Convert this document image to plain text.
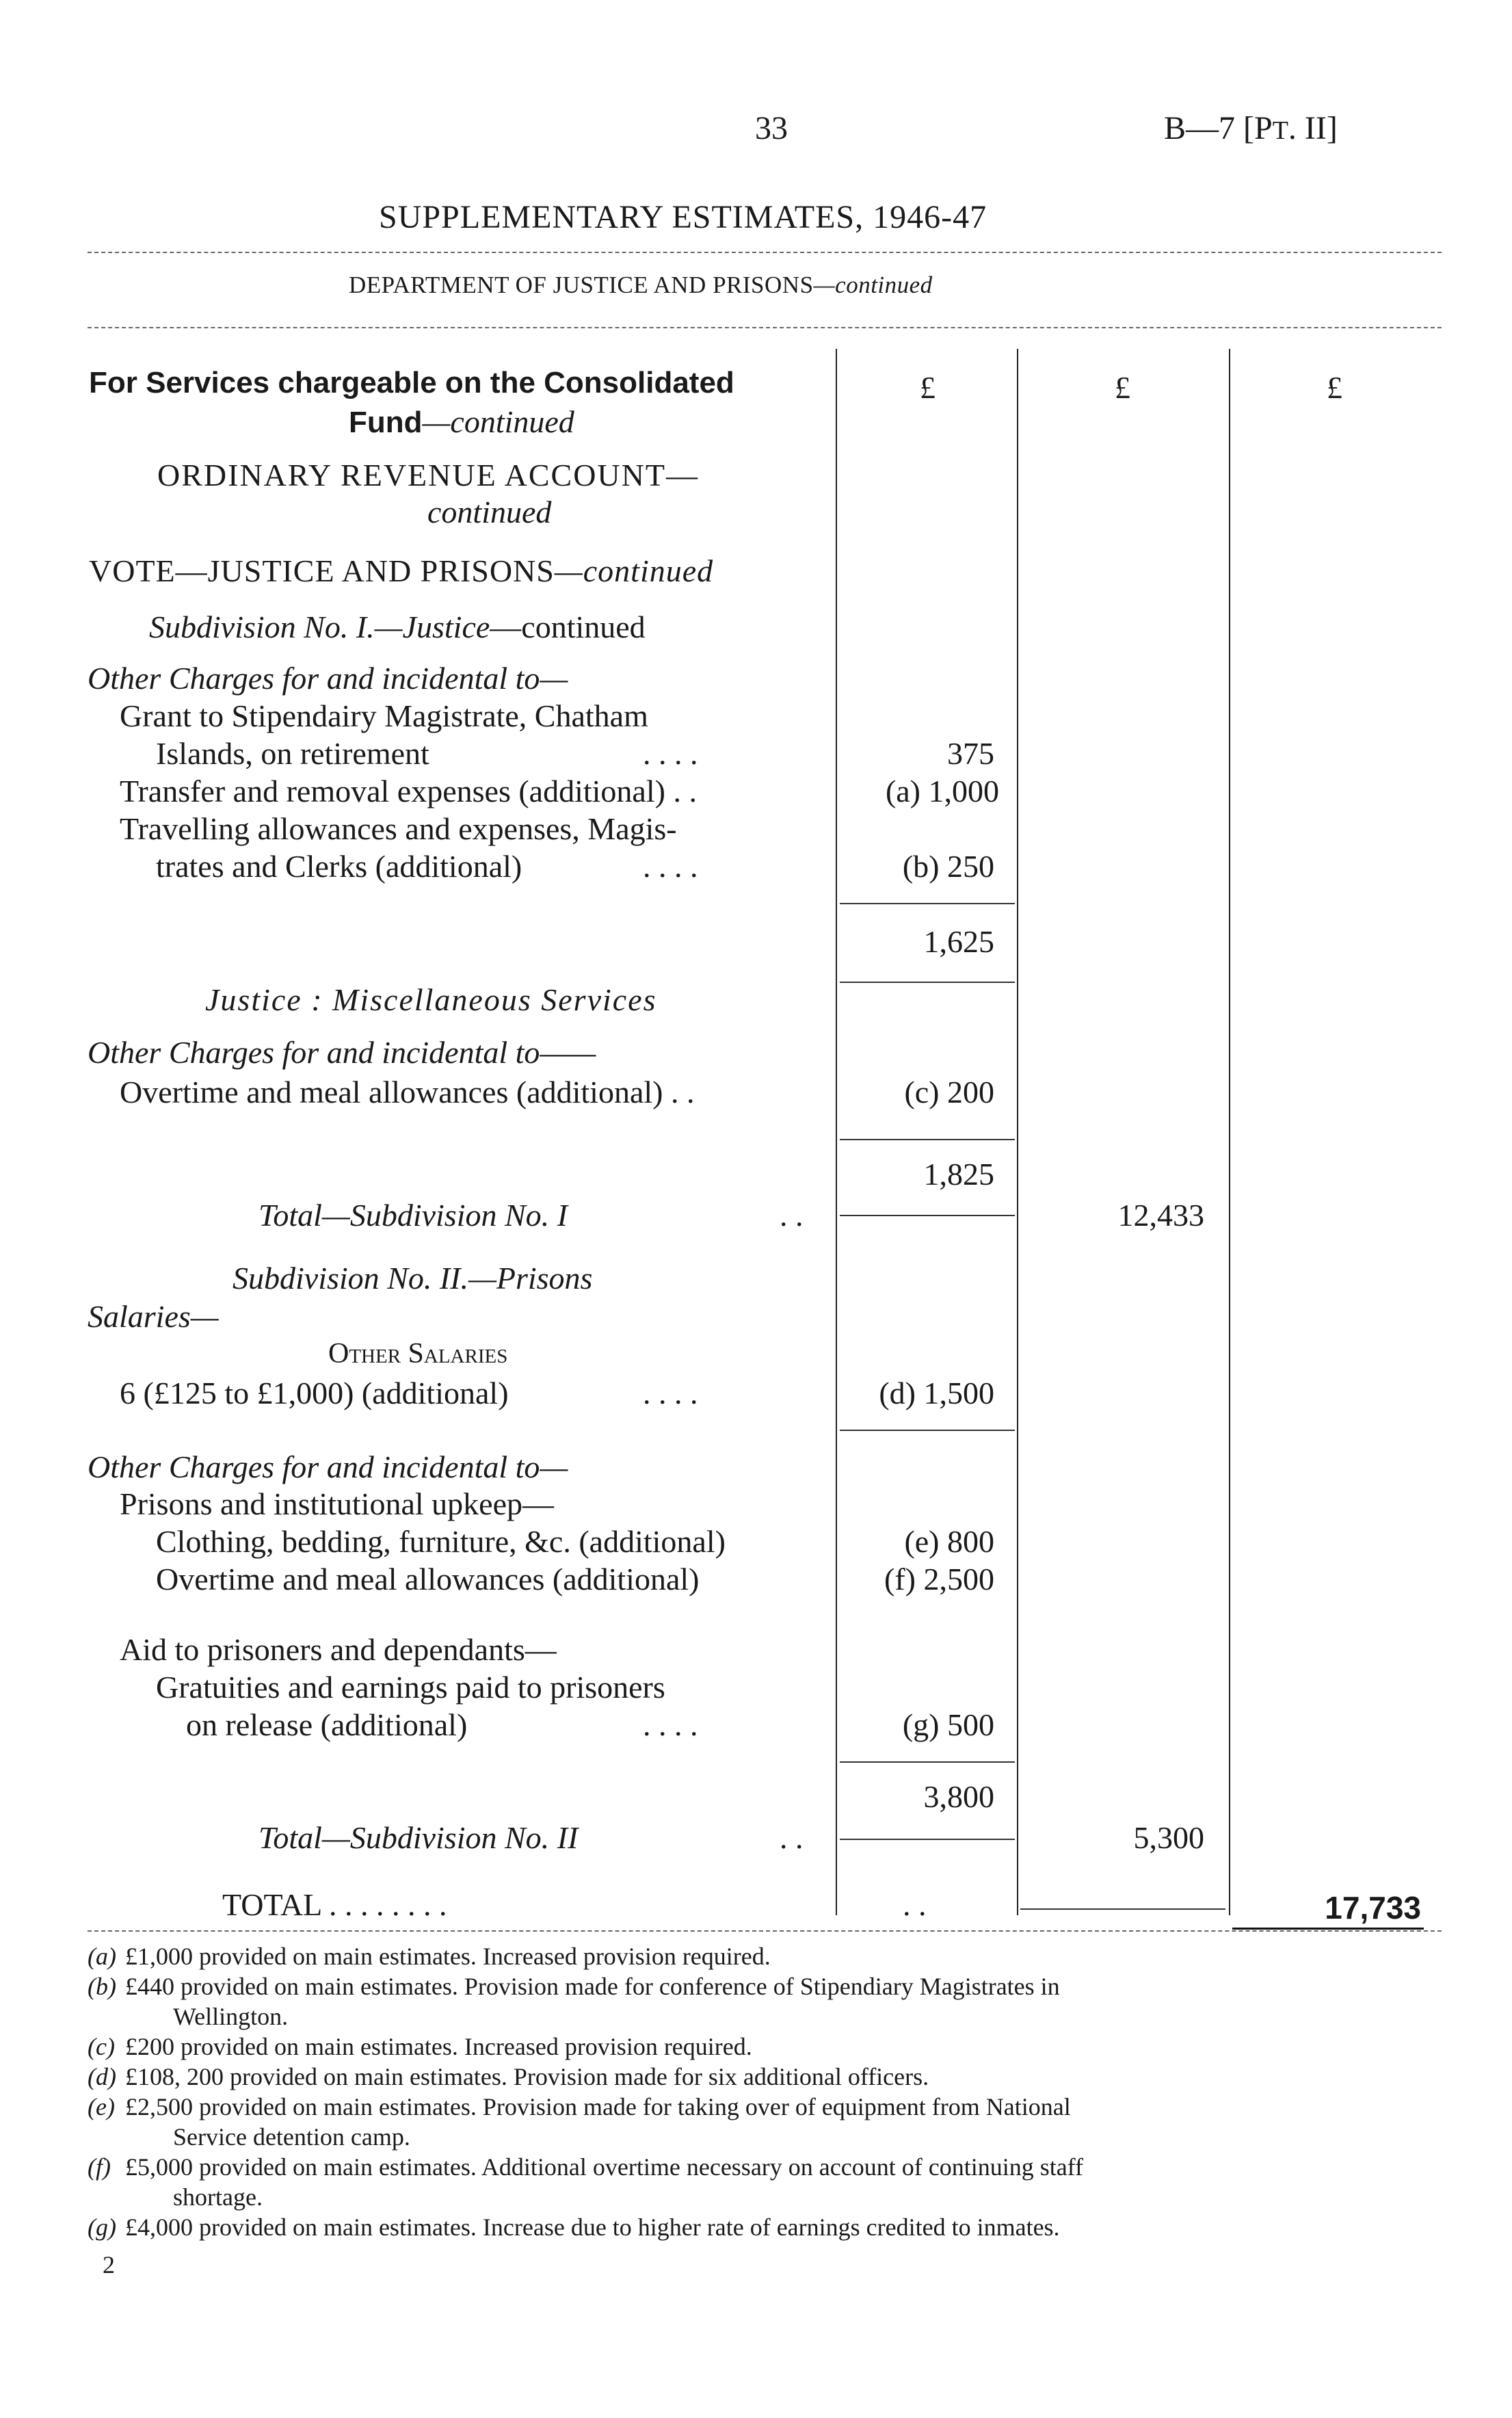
33	B—7 [PT. II]
SUPPLEMENTARY ESTIMATES, 1946-47
DEPARTMENT OF JUSTICE AND PRISONS—continued
£	£	£
For Services chargeable on the Consolidated
Fund—continued
ORDINARY REVENUE ACCOUNT—
continued
VOTE—JUSTICE AND PRISONS—continued
Subdivision No. I.—Justice—continued
Other Charges for and incidental to—
Grant to Stipendairy Magistrate, Chatham
Islands, on retirement	. . . .	375
Transfer and removal expenses (additional) . .	(a) 1,000
Travelling allowances and expenses, Magis-
trates and Clerks (additional)	. . . .	(b) 250
1,625
Justice : Miscellaneous Services
Other Charges for and incidental to——
Overtime and meal allowances (additional) . .	(c) 200
1,825
Total—Subdivision No. I	. .	12,433
Subdivision No. II.—Prisons
Salaries—
Other Salaries
6 (£125 to £1,000) (additional)	. . . .	(d) 1,500
Other Charges for and incidental to—
Prisons and institutional upkeep—
Clothing, bedding, furniture, &c. (additional)	(e) 800
Overtime and meal allowances (additional)	(f) 2,500
Aid to prisoners and dependants—
Gratuities and earnings paid to prisoners
on release (additional)	. . . .	(g) 500
3,800
Total—Subdivision No. II	. .	5,300
TOTAL . . . . . . . .	. .	17,733
(a) £1,000 provided on main estimates. Increased provision required.
(b) £440 provided on main estimates. Provision made for conference of Stipendiary Magistrates in
Wellington.
(c) £200 provided on main estimates. Increased provision required.
(d) £108, 200 provided on main estimates. Provision made for six additional officers.
(e) £2,500 provided on main estimates. Provision made for taking over of equipment from National
Service detention camp.
(f) £5,000 provided on main estimates. Additional overtime necessary on account of continuing staff
shortage.
(g) £4,000 provided on main estimates. Increase due to higher rate of earnings credited to inmates.
2
